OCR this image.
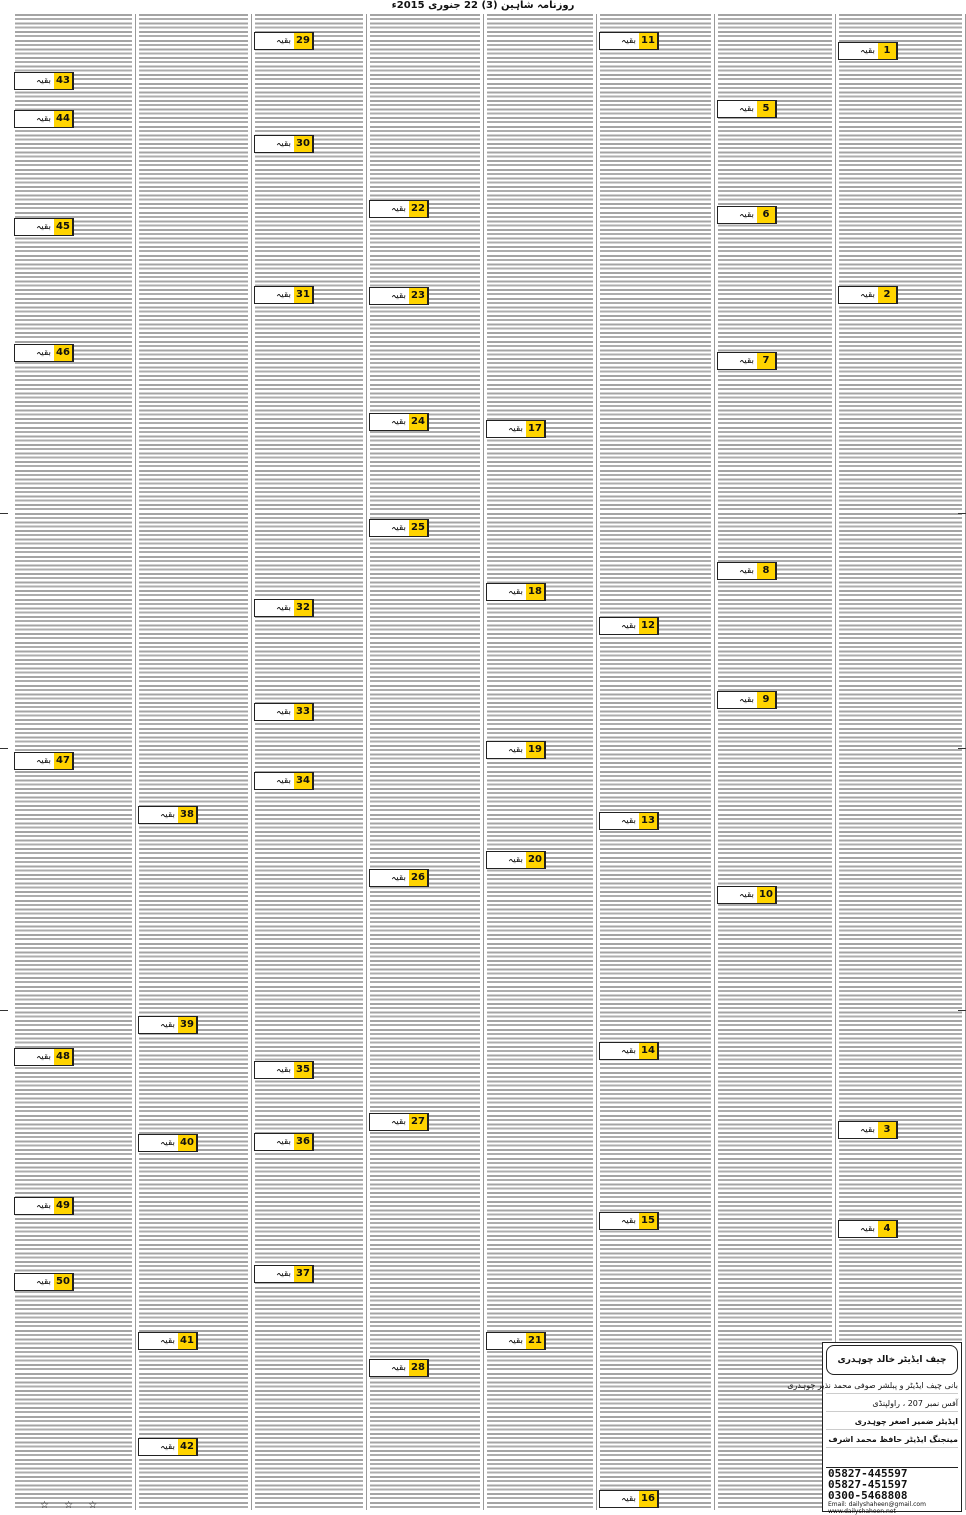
روزنامہ شاہین (3) 22 جنوری 2015ء
بقیہ 1
بقیہ 2
بقیہ 3
بقیہ 4
بقیہ 5
بقیہ 6
بقیہ 7
بقیہ 8
بقیہ 9
بقیہ 10
بقیہ 11
بقیہ 12
بقیہ 13
بقیہ 14
بقیہ 15
بقیہ 16
بقیہ 17
بقیہ 18
بقیہ 19
بقیہ 20
بقیہ 21
بقیہ 22
بقیہ 23
بقیہ 24
بقیہ 25
بقیہ 26
بقیہ 27
بقیہ 28
بقیہ 29
بقیہ 30
بقیہ 31
بقیہ 32
بقیہ 33
بقیہ 34
بقیہ 35
بقیہ 36
بقیہ 37
بقیہ 38
بقیہ 39
بقیہ 40
بقیہ 41
بقیہ 42
بقیہ 43
بقیہ 44
بقیہ 45
بقیہ 46
بقیہ 47
بقیہ 48
بقیہ 49
بقیہ 50
چیف ایڈیٹر خالد چوہدری
بانی چیف ایڈیٹر و پبلشر صوفی محمد نذیر چوہدری
آفس نمبر 207 ، راولپنڈی
ایڈیٹر ضمیر اصغر چوہدری
مینجنگ ایڈیٹر حافظ محمد اشرف
05827-445597
05827-451597
0300-5468808
Email: dailyshaheen@gmail.com www.dailyshaheen.net
☆ ☆ ☆
